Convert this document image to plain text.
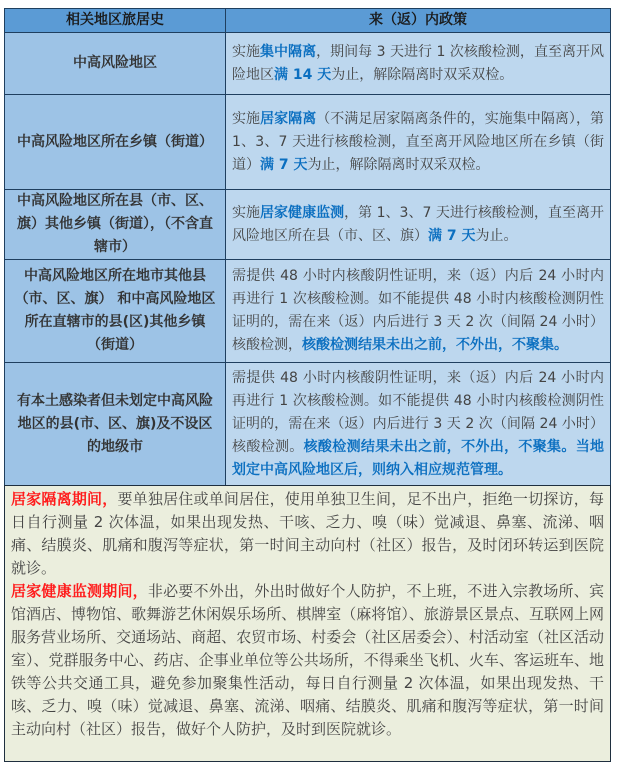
相关地区旅居史	来（返）内政策
中高风险地区	实施集中隔离，期间每 3 天进行 1 次核酸检测，直至离开风险地区满 14 天为止，解除隔离时双采双检。
中高风险地区所在乡镇（街道）	实施居家隔离（不满足居家隔离条件的，实施集中隔离），第 1、3、7 天进行核酸检测，直至离开风险地区所在乡镇（街道）满 7 天为止，解除隔离时双采双检。
中高风险地区所在县（市、区、旗）其他乡镇（街道），（不含直辖市）	实施居家健康监测，第 1、3、7 天进行核酸检测，直至离开风险地区所在县（市、区、旗）满 7 天为止。
中高风险地区所在地市其他县（市、区、旗） 和中高风险地区所在直辖市的县(区)其他乡镇（街道）	需提供 48 小时内核酸阴性证明，来（返）内后 24 小时内再进行 1 次核酸检测。如不能提供 48 小时内核酸检测阴性证明的，需在来（返）内后进行 3 天 2 次（间隔 24 小时）核酸检测，核酸检测结果未出之前，不外出，不聚集。
有本土感染者但未划定中高风险地区的县(市、区、旗)及不设区的地级市	需提供 48 小时内核酸阴性证明，来（返）内后 24 小时内再进行 1 次核酸检测。如不能提供 48 小时内核酸检测阴性证明的，需在来（返）内后进行 3 天 2 次（间隔 24 小时）核酸检测。核酸检测结果未出之前，不外出，不聚集。当地划定中高风险地区后，则纳入相应规范管理。

居家隔离期间，要单独居住或单间居住，使用单独卫生间，足不出户，拒绝一切探访，每日自行测量 2 次体温，如果出现发热、干咳、乏力、嗅（味）觉减退、鼻塞、流涕、咽痛、结膜炎、肌痛和腹泻等症状，第一时间主动向村（社区）报告，及时闭环转运到医院就诊。

居家健康监测期间，非必要不外出，外出时做好个人防护，不上班，不进入宗教场所、宾馆酒店、博物馆、歌舞游艺休闲娱乐场所、棋牌室（麻将馆）、旅游景区景点、互联网上网服务营业场所、交通场站、商超、农贸市场、村委会（社区居委会）、村活动室（社区活动室）、党群服务中心、药店、企事业单位等公共场所，不得乘坐飞机、火车、客运班车、地铁等公共交通工具，避免参加聚集性活动，每日自行测量 2 次体温，如果出现发热、干咳、乏力、嗅（味）觉减退、鼻塞、流涕、咽痛、结膜炎、肌痛和腹泻等症状，第一时间主动向村（社区）报告，做好个人防护，及时到医院就诊。
